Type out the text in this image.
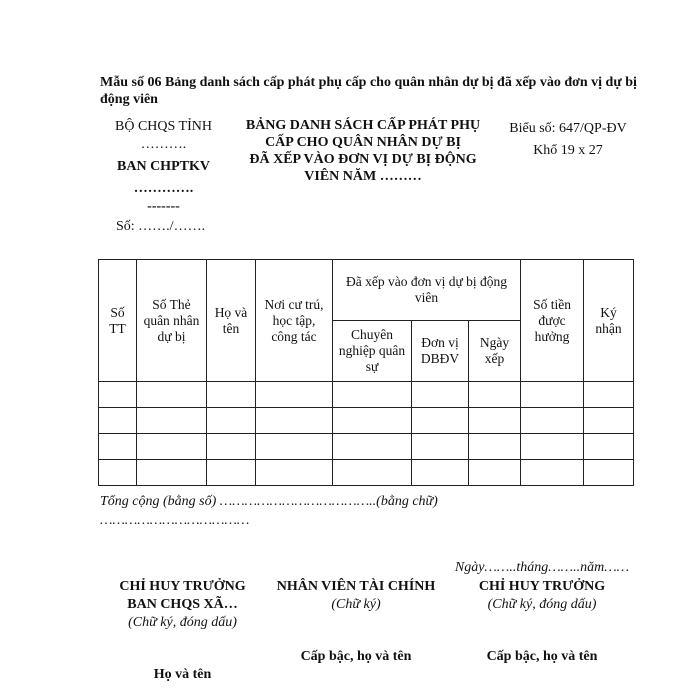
Mẫu số 06 Bảng danh sách cấp phát phụ cấp cho quân nhân dự bị đã xếp vào đơn vị dự bị động viên
BỘ CHQS TỈNH
……….
BAN CHPTKV
………….
-------
BẢNG DANH SÁCH CẤP PHÁT PHỤ
CẤP CHO QUÂN NHÂN DỰ BỊ
ĐÃ XẾP VÀO ĐƠN VỊ DỰ BỊ ĐỘNG
VIÊN NĂM ………
Biểu số: 647/QP-ĐV
Khổ 19 x 27
Số: ……./…….
Số TT	Số Thẻ quân nhân dự bị	Họ và tên	Nơi cư trú, học tập, công tác	Đã xếp vào đơn vị dự bị động viên			Số tiền được hưởng	Ký nhận
				Chuyên nghiệp quân sự	Đơn vị DBĐV	Ngày xếp		

Tổng cộng (bằng số) ………………………………..(bằng chữ)
………………………………
Ngày……..tháng……..năm……
CHỈ HUY TRƯỞNG
BAN CHQS XÃ…
(Chữ ký, đóng dấu)
Họ và tên
NHÂN VIÊN TÀI CHÍNH
(Chữ ký)
Cấp bậc, họ và tên
CHỈ HUY TRƯỞNG
(Chữ ký, đóng dấu)
Cấp bậc, họ và tên
